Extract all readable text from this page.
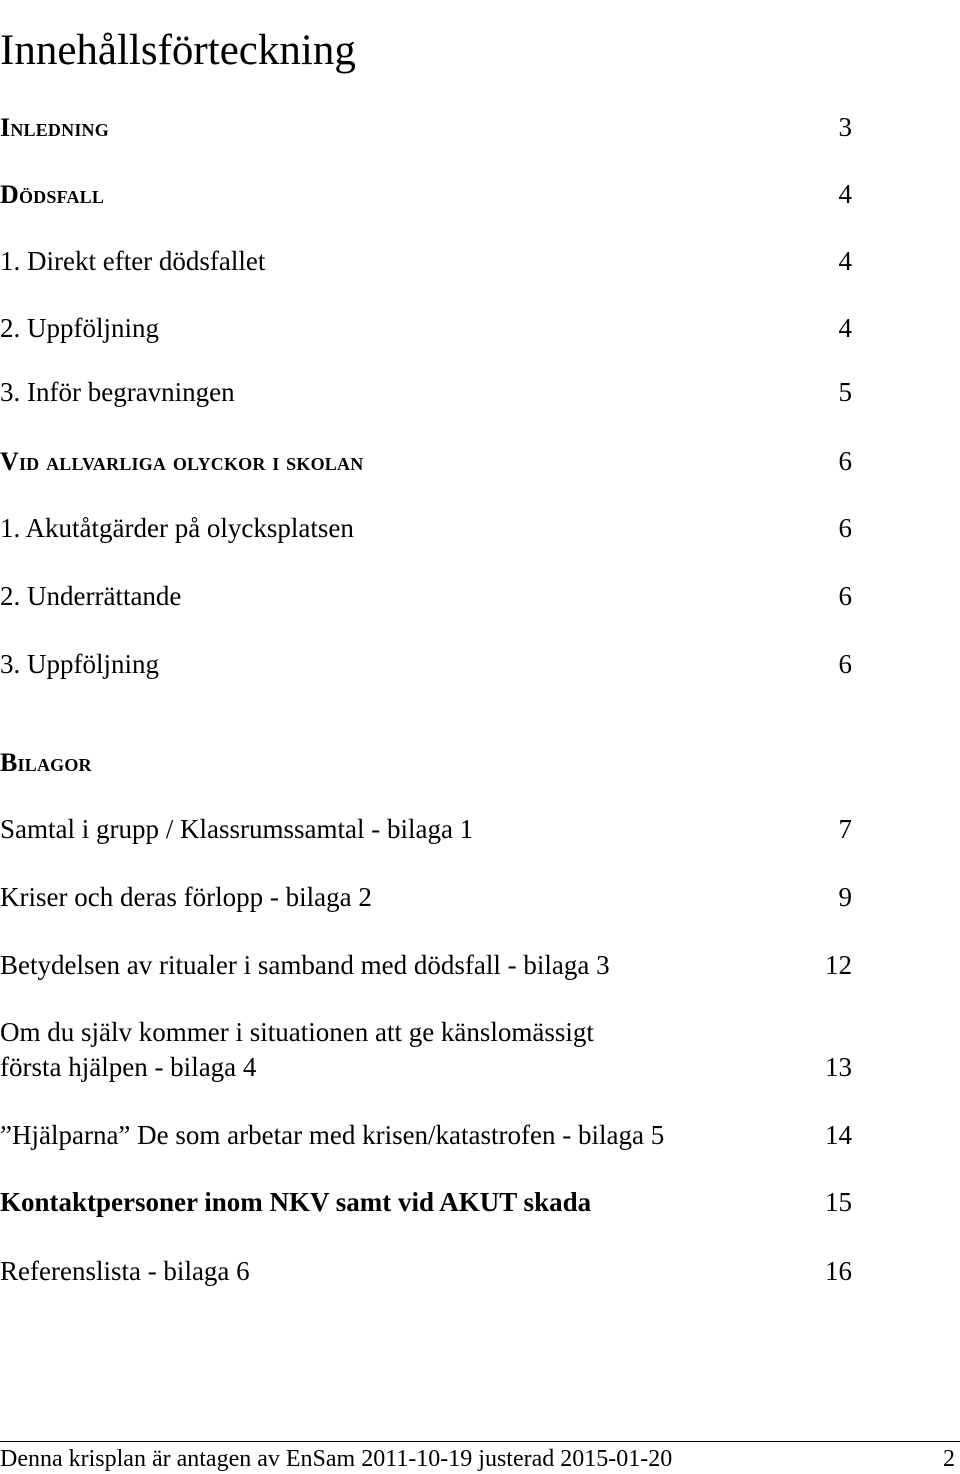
Innehållsförteckning
Inledning	3
Dödsfall	4
1. Direkt efter dödsfallet	4
2. Uppföljning	4
3. Inför begravningen	5
Vid allvarliga olyckor i skolan	6
1. Akutåtgärder på olycksplatsen	6
2. Underrättande	6
3. Uppföljning	6
Bilagor
Samtal i grupp / Klassrumssamtal - bilaga 1	7
Kriser och deras förlopp - bilaga 2	9
Betydelsen av ritualer i samband med dödsfall - bilaga 3	12
Om du själv kommer i situationen att ge känslomässigt
första hjälpen - bilaga 4	13
”Hjälparna” De som arbetar med krisen/katastrofen - bilaga 5	14
Kontaktpersoner inom NKV samt vid AKUT skada	15
Referenslista - bilaga 6	16
Denna krisplan är antagen av EnSam 2011-10-19 justerad 2015-01-20	2
